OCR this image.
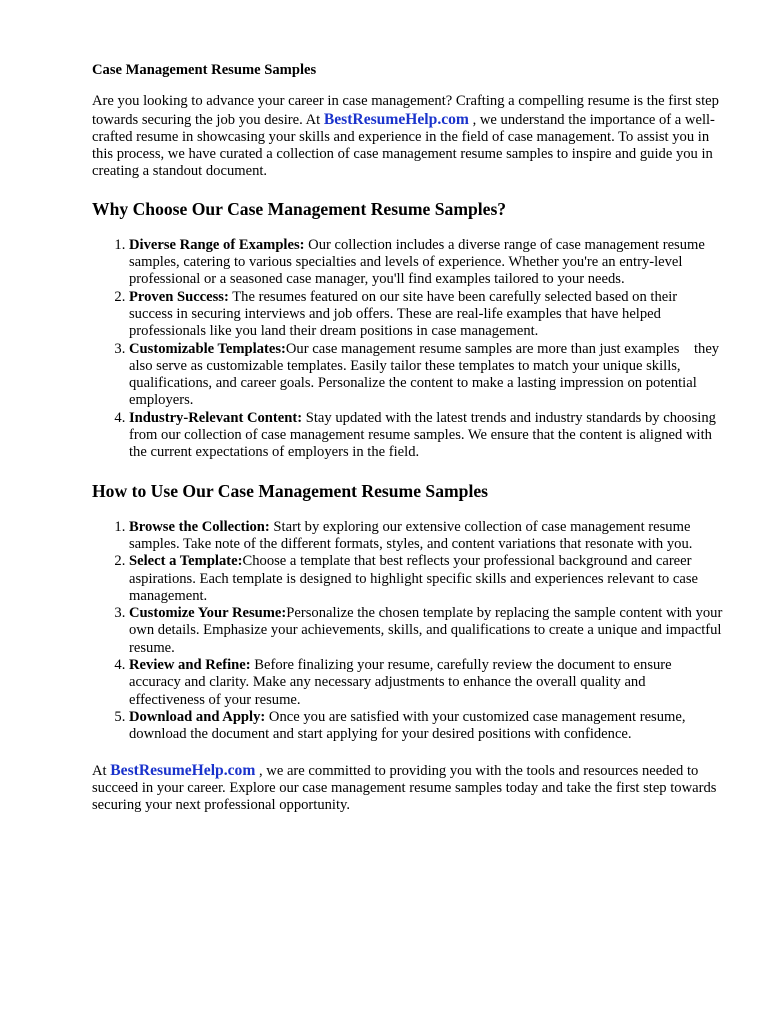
Case Management Resume Samples

Are you looking to advance your career in case management? Crafting a compelling resume is the first step towards securing the job you desire. At BestResumeHelp.com , we understand the importance of a well-crafted resume in showcasing your skills and experience in the field of case management. To assist you in this process, we have curated a collection of case management resume samples to inspire and guide you in creating a standout document.

Why Choose Our Case Management Resume Samples?
1. Diverse Range of Examples: Our collection includes a diverse range of case management resume samples, catering to various specialties and levels of experience. Whether you're an entry-level professional or a seasoned case manager, you'll find examples tailored to your needs.
2. Proven Success: The resumes featured on our site have been carefully selected based on their success in securing interviews and job offers. These are real-life examples that have helped professionals like you land their dream positions in case management.
3. Customizable Templates:Our case management resume samples are more than just examples    they also serve as customizable templates. Easily tailor these templates to match your unique skills, qualifications, and career goals. Personalize the content to make a lasting impression on potential employers.
4. Industry-Relevant Content: Stay updated with the latest trends and industry standards by choosing from our collection of case management resume samples. We ensure that the content is aligned with the current expectations of employers in the field.
How to Use Our Case Management Resume Samples
1. Browse the Collection: Start by exploring our extensive collection of case management resume samples. Take note of the different formats, styles, and content variations that resonate with you.
2. Select a Template:Choose a template that best reflects your professional background and career aspirations. Each template is designed to highlight specific skills and experiences relevant to case management.
3. Customize Your Resume:Personalize the chosen template by replacing the sample content with your own details. Emphasize your achievements, skills, and qualifications to create a unique and impactful resume.
4. Review and Refine: Before finalizing your resume, carefully review the document to ensure accuracy and clarity. Make any necessary adjustments to enhance the overall quality and effectiveness of your resume.
5. Download and Apply: Once you are satisfied with your customized case management resume, download the document and start applying for your desired positions with confidence.

At BestResumeHelp.com , we are committed to providing you with the tools and resources needed to succeed in your career. Explore our case management resume samples today and take the first step towards securing your next professional opportunity.
